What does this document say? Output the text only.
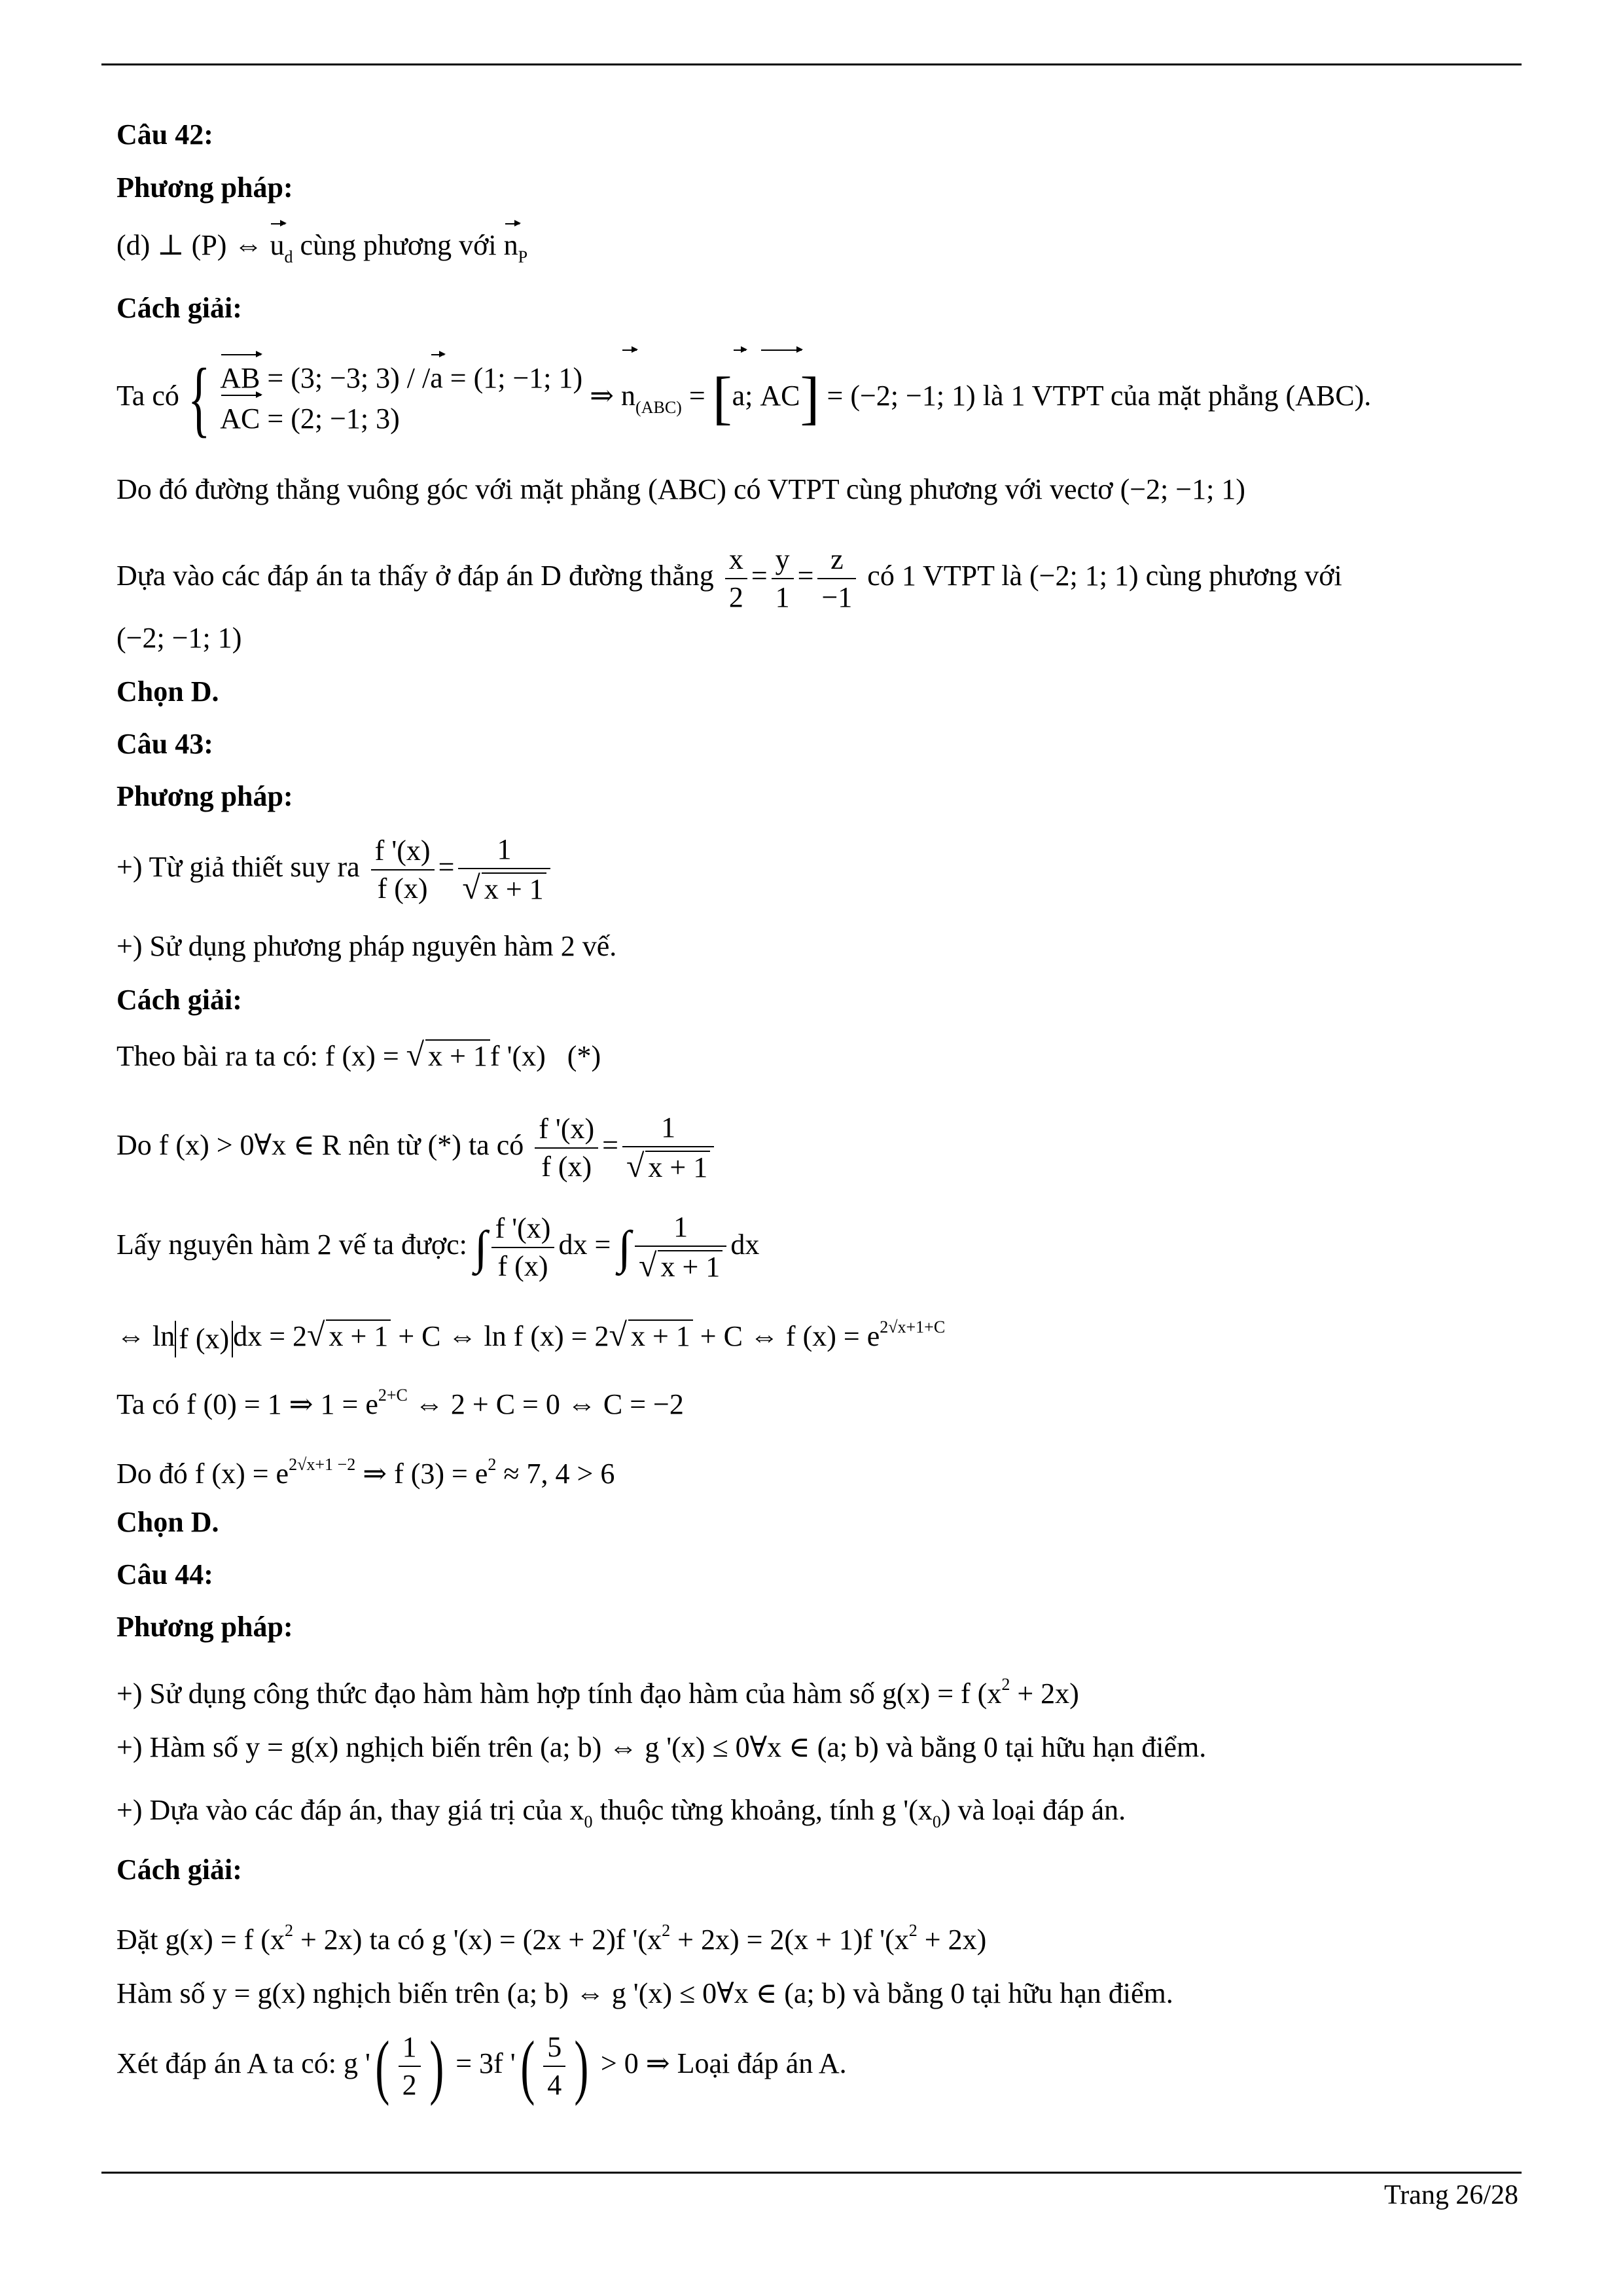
Câu 42:
Phương pháp:
(d) ⊥ (P) ⇔ $u_d$ cùng phương với $n_P$
Cách giải:
Ta có { AB = (3; −3; 3) / /a = (1; −1; 1)
AC = (2; −1; 3)
⇒ $n_{(ABC)} = [a$; AC] = (−2; −1; 1) là 1 VTPT của mặt phẳng (ABC).
Do đó đường thẳng vuông góc với mặt phẳng (ABC) có VTPT cùng phương với vectơ (−2; −1; 1)
Dựa vào các đáp án ta thấy ở đáp án D đường thẳng $\frac{x}{2} = \frac{y}{1} = \frac{z}{-1}$ có 1 VTPT là (−2; 1; 1) cùng phương với
(−2; −1; 1)
Chọn D.
Câu 43:
Phương pháp:
+) Từ giả thiết suy ra $\frac{f '(x)}{f (x)} = \frac{1}{√ x + 1}$
+) Sử dụng phương pháp nguyên hàm 2 vế.
Cách giải:
Theo bài ra ta có: f (x) = √ x + 1f '(x)   (*)
Do f (x) > 0∀x ∈ R nên từ (*) ta có $\frac{f '(x)}{f (x)} = \frac{1}{√ x + 1}$
Lấy nguyên hàm 2 vế ta được: ∫ $\frac{f '(x)}{f (x)}$ dx = ∫ $\frac{1}{√ x + 1}$ dx
⇔ ln f (x) dx = 2√ x + 1 + C ⇔ ln f (x) = 2√ x + 1 + C ⇔ f $(x) = e^{2√x+1+C}$
Ta có f (0) = 1 ⇒ $1 = e^{2+C}$ ⇔ 2 + C = 0 ⇔ C = −2
Do đó f $(x) = e^{2√x+1 -2}$ ⇒ f $(3) = e^2 \approx 7$, 4 > 6
Chọn D.
Câu 44:
Phương pháp:
+) Sử dụng công thức đạo hàm hàm hợp tính đạo hàm của hàm số g(x) = f $(x^2 + 2x)$
+) Hàm số y = g(x) nghịch biến trên (a; b) ⇔ g '(x) ≤ 0∀x ∈ (a; b) và bằng 0 tại hữu hạn điểm.
+) Dựa vào các đáp án, thay giá trị của $x_0$ thuộc từng khoảng, tính g '$(x_0)$ và loại đáp án.
Cách giải:
Đặt g(x) = f $(x^2 + 2x)$ ta có g '(x) = (2x + 2)f '$(x^2 + 2x) = 2(x + 1)f$ '$(x^2 + 2x)$
Hàm số y = g(x) nghịch biến trên (a; b) ⇔ g '(x) ≤ 0∀x ∈ (a; b) và bằng 0 tại hữu hạn điểm.
Xét đáp án A ta có: g '( $\frac{1}{2}$ ) = 3f '( $\frac{5}{4}$ ) > 0 ⇒ Loại đáp án A.
Trang 26/28
